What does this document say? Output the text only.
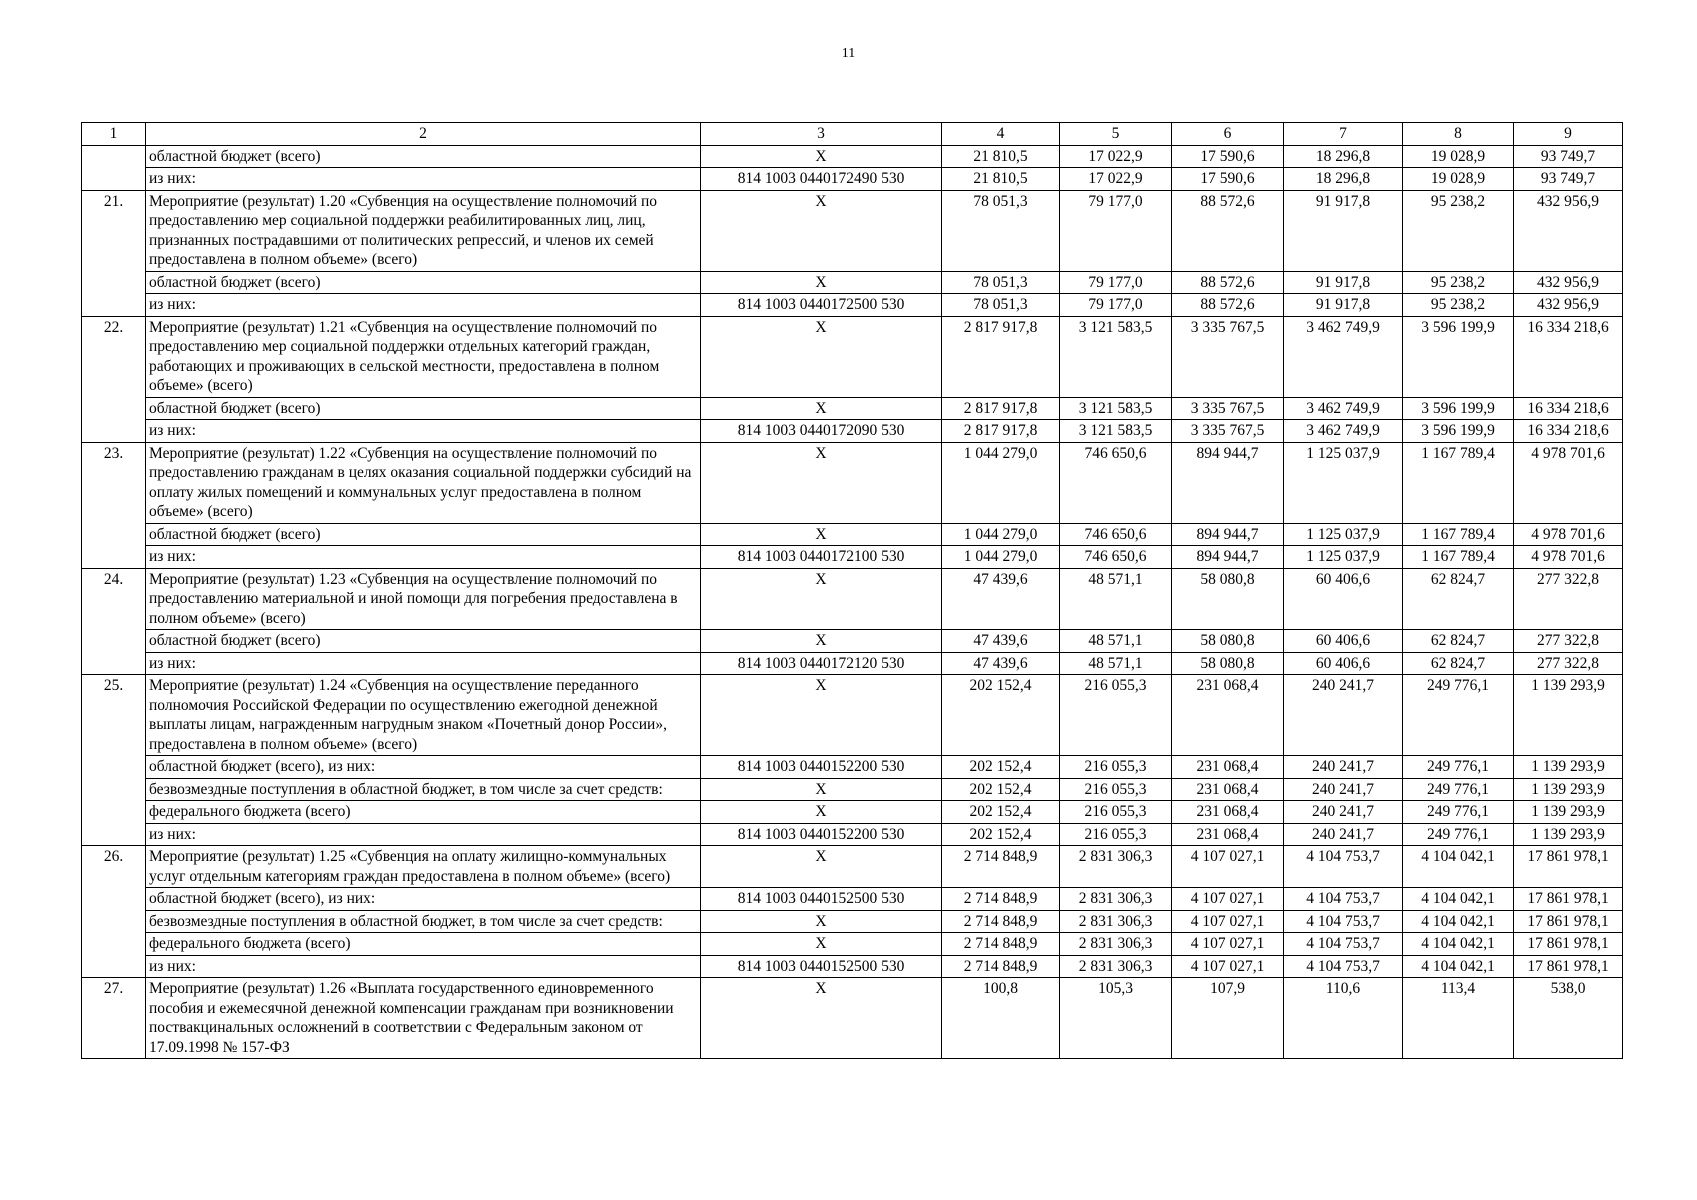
11
1	2	3	4	5	6	7	8	9
	областной бюджет (всего)	X	21 810,5	17 022,9	17 590,6	18 296,8	19 028,9	93 749,7
	из них:	814 1003 0440172490 530	21 810,5	17 022,9	17 590,6	18 296,8	19 028,9	93 749,7
21.	Мероприятие (результат) 1.20 «Субвенция на осуществление полномочий по предоставлению мер социальной поддержки реабилитированных лиц, лиц, признанных пострадавшими от политических репрессий, и членов их семей предоставлена в полном объеме» (всего)	X	78 051,3	79 177,0	88 572,6	91 917,8	95 238,2	432 956,9
	областной бюджет (всего)	X	78 051,3	79 177,0	88 572,6	91 917,8	95 238,2	432 956,9
	из них:	814 1003 0440172500 530	78 051,3	79 177,0	88 572,6	91 917,8	95 238,2	432 956,9
22.	Мероприятие (результат) 1.21 «Субвенция на осуществление полномочий по предоставлению мер социальной поддержки отдельных категорий граждан, работающих и проживающих в сельской местности, предоставлена в полном объеме» (всего)	X	2 817 917,8	3 121 583,5	3 335 767,5	3 462 749,9	3 596 199,9	16 334 218,6
	областной бюджет (всего)	X	2 817 917,8	3 121 583,5	3 335 767,5	3 462 749,9	3 596 199,9	16 334 218,6
	из них:	814 1003 0440172090 530	2 817 917,8	3 121 583,5	3 335 767,5	3 462 749,9	3 596 199,9	16 334 218,6
23.	Мероприятие (результат) 1.22 «Субвенция на осуществление полномочий по предоставлению гражданам в целях оказания социальной поддержки субсидий на оплату жилых помещений и коммунальных услуг предоставлена в полном объеме» (всего)	X	1 044 279,0	746 650,6	894 944,7	1 125 037,9	1 167 789,4	4 978 701,6
	областной бюджет (всего)	X	1 044 279,0	746 650,6	894 944,7	1 125 037,9	1 167 789,4	4 978 701,6
	из них:	814 1003 0440172100 530	1 044 279,0	746 650,6	894 944,7	1 125 037,9	1 167 789,4	4 978 701,6
24.	Мероприятие (результат) 1.23 «Субвенция на осуществление полномочий по предоставлению материальной и иной помощи для погребения предоставлена в полном объеме» (всего)	X	47 439,6	48 571,1	58 080,8	60 406,6	62 824,7	277 322,8
	областной бюджет (всего)	X	47 439,6	48 571,1	58 080,8	60 406,6	62 824,7	277 322,8
	из них:	814 1003 0440172120 530	47 439,6	48 571,1	58 080,8	60 406,6	62 824,7	277 322,8
25.	Мероприятие (результат) 1.24 «Субвенция на осуществление переданного полномочия Российской Федерации по осуществлению ежегодной денежной выплаты лицам, награжденным нагрудным знаком «Почетный донор России», предоставлена в полном объеме» (всего)	X	202 152,4	216 055,3	231 068,4	240 241,7	249 776,1	1 139 293,9
	областной бюджет (всего), из них:	814 1003 0440152200 530	202 152,4	216 055,3	231 068,4	240 241,7	249 776,1	1 139 293,9
	безвозмездные поступления в областной бюджет, в том числе за счет средств:	X	202 152,4	216 055,3	231 068,4	240 241,7	249 776,1	1 139 293,9
	федерального бюджета (всего)	X	202 152,4	216 055,3	231 068,4	240 241,7	249 776,1	1 139 293,9
	из них:	814 1003 0440152200 530	202 152,4	216 055,3	231 068,4	240 241,7	249 776,1	1 139 293,9
26.	Мероприятие (результат) 1.25 «Субвенция на оплату жилищно-коммунальных услуг отдельным категориям граждан предоставлена в полном объеме» (всего)	X	2 714 848,9	2 831 306,3	4 107 027,1	4 104 753,7	4 104 042,1	17 861 978,1
	областной бюджет (всего), из них:	814 1003 0440152500 530	2 714 848,9	2 831 306,3	4 107 027,1	4 104 753,7	4 104 042,1	17 861 978,1
	безвозмездные поступления в областной бюджет, в том числе за счет средств:	X	2 714 848,9	2 831 306,3	4 107 027,1	4 104 753,7	4 104 042,1	17 861 978,1
	федерального бюджета (всего)	X	2 714 848,9	2 831 306,3	4 107 027,1	4 104 753,7	4 104 042,1	17 861 978,1
	из них:	814 1003 0440152500 530	2 714 848,9	2 831 306,3	4 107 027,1	4 104 753,7	4 104 042,1	17 861 978,1
27.	Мероприятие (результат) 1.26 «Выплата государственного единовременного пособия и ежемесячной денежной компенсации гражданам при возникновении поствакцинальных осложнений в соответствии с Федеральным законом от 17.09.1998 № 157-ФЗ	X	100,8	105,3	107,9	110,6	113,4	538,0
